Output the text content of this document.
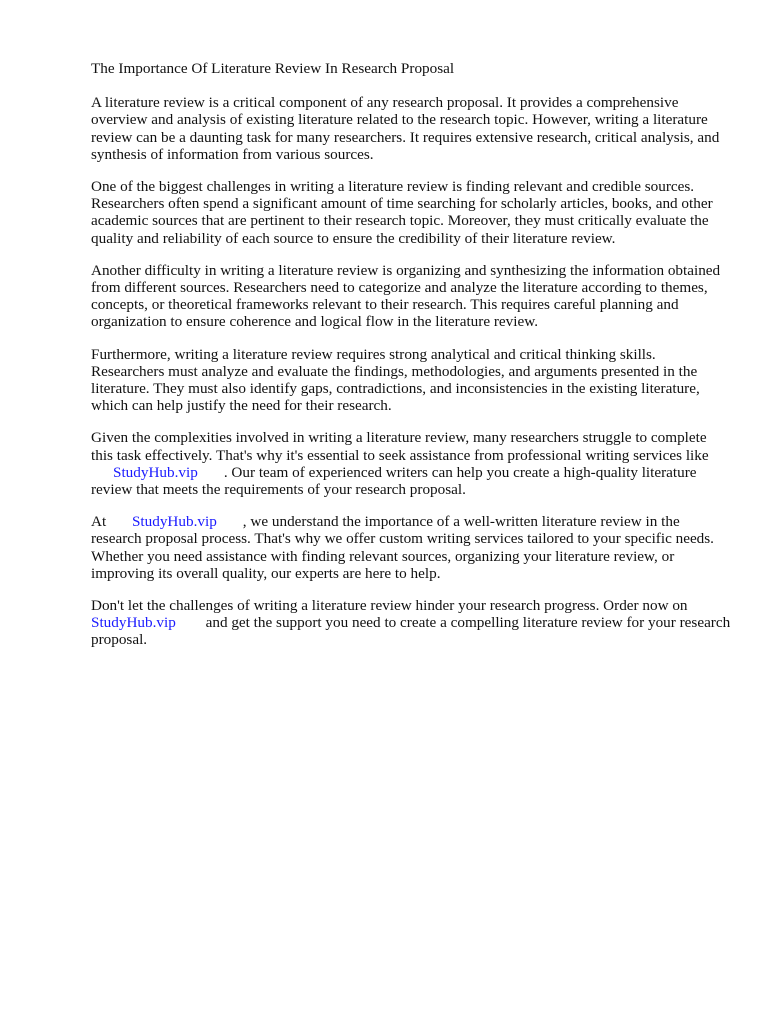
The Importance Of Literature Review In Research Proposal

A literature review is a critical component of any research proposal. It provides a comprehensive overview and analysis of existing literature related to the research topic. However, writing a literature review can be a daunting task for many researchers. It requires extensive research, critical analysis, and synthesis of information from various sources.

One of the biggest challenges in writing a literature review is finding relevant and credible sources. Researchers often spend a significant amount of time searching for scholarly articles, books, and other academic sources that are pertinent to their research topic. Moreover, they must critically evaluate the quality and reliability of each source to ensure the credibility of their literature review.

Another difficulty in writing a literature review is organizing and synthesizing the information obtained from different sources. Researchers need to categorize and analyze the literature according to themes, concepts, or theoretical frameworks relevant to their research. This requires careful planning and organization to ensure coherence and logical flow in the literature review.

Furthermore, writing a literature review requires strong analytical and critical thinking skills. Researchers must analyze and evaluate the findings, methodologies, and arguments presented in the literature. They must also identify gaps, contradictions, and inconsistencies in the existing literature, which can help justify the need for their research.

Given the complexities involved in writing a literature review, many researchers struggle to complete this task effectively. That's why it's essential to seek assistance from professional writing services like StudyHub.vip . Our team of experienced writers can help you create a high-quality literature review that meets the requirements of your research proposal.

At StudyHub.vip , we understand the importance of a well-written literature review in the research proposal process. That's why we offer custom writing services tailored to your specific needs. Whether you need assistance with finding relevant sources, organizing your literature review, or improving its overall quality, our experts are here to help.

Don't let the challenges of writing a literature review hinder your research progress. Order now on StudyHub.vip and get the support you need to create a compelling literature review for your research proposal.
